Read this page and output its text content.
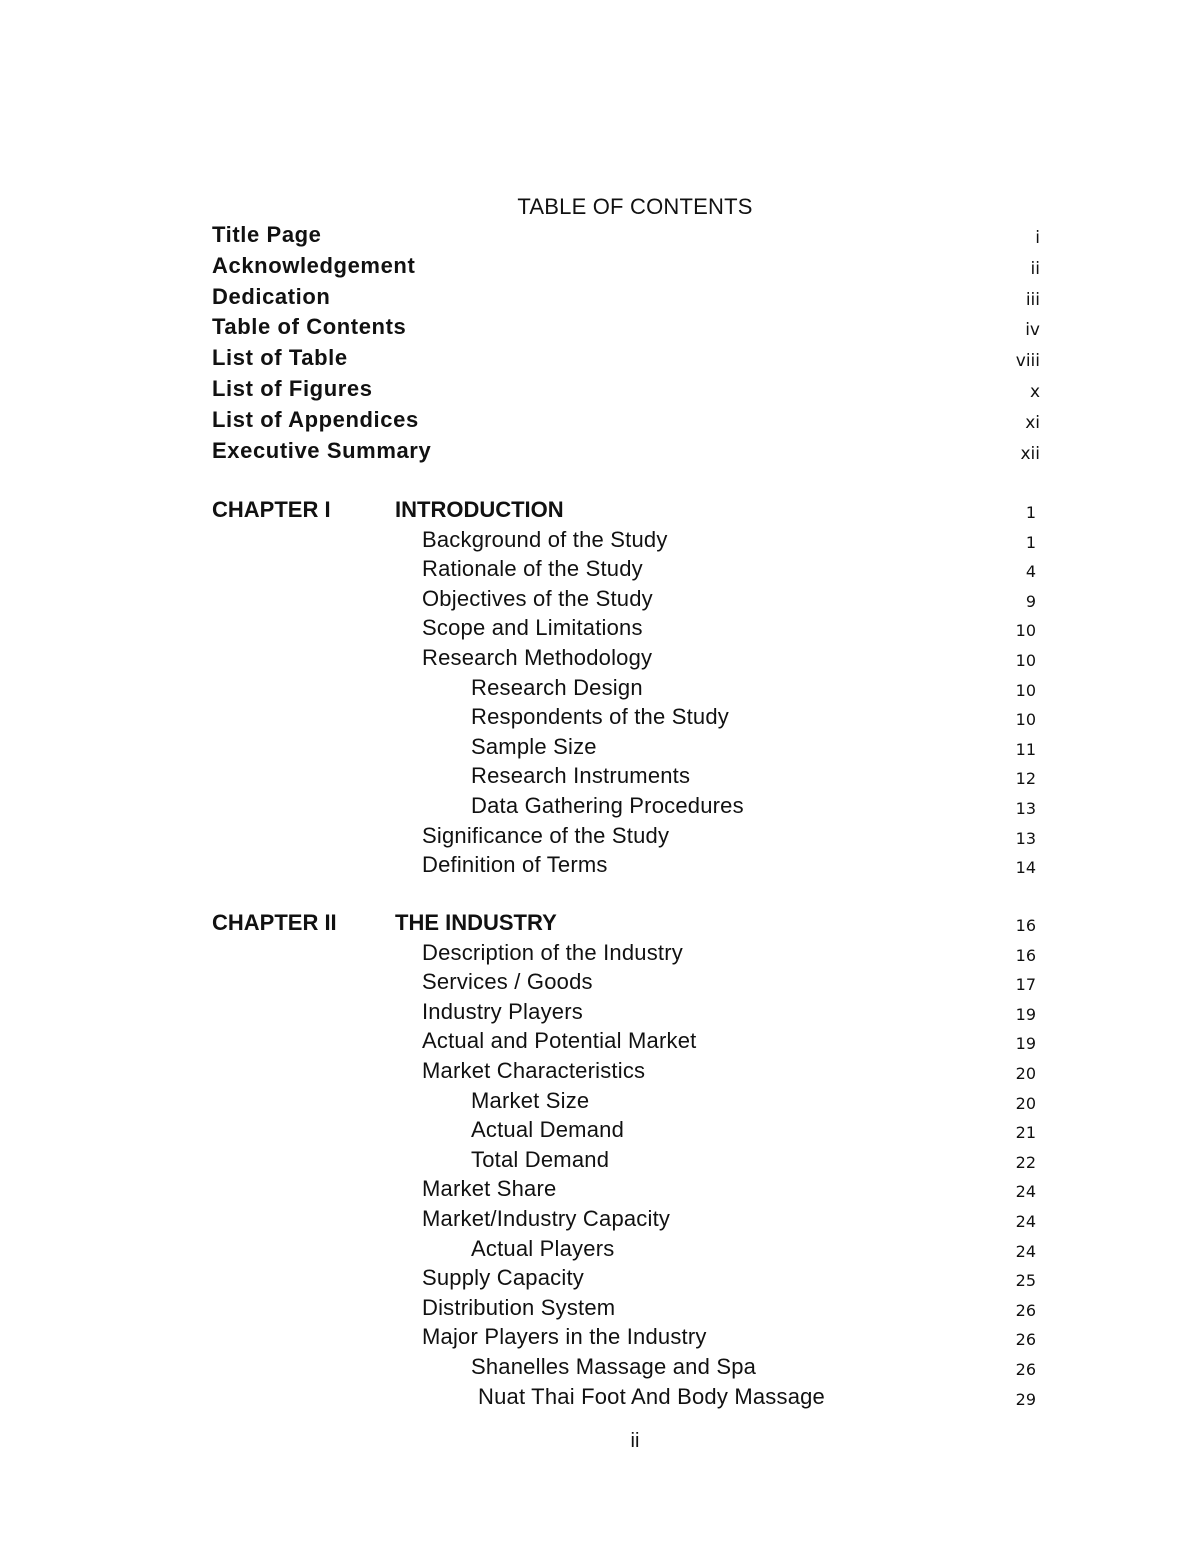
TABLE OF CONTENTS
Title Page	i
Acknowledgement	ii
Dedication	iii
Table of Contents	iv
List of Table	viii
List of Figures	x
List of Appendices	xi
Executive Summary	xii
CHAPTER I	INTRODUCTION	1
Background of the Study	1
Rationale of the Study	4
Objectives of the Study	9
Scope and Limitations	10
Research Methodology	10
Research Design	10
Respondents of the Study	10
Sample Size	11
Research Instruments	12
Data Gathering Procedures	13
Significance of the Study	13
Definition of Terms	14
CHAPTER II	THE INDUSTRY	16
Description of the Industry	16
Services / Goods	17
Industry Players	19
Actual and Potential Market	19
Market Characteristics	20
Market Size	20
Actual Demand	21
Total Demand	22
Market Share	24
Market/Industry Capacity	24
Actual Players	24
Supply Capacity	25
Distribution System	26
Major Players in the Industry	26
Shanelles Massage and Spa	26
Nuat Thai Foot And Body Massage	29
ii
